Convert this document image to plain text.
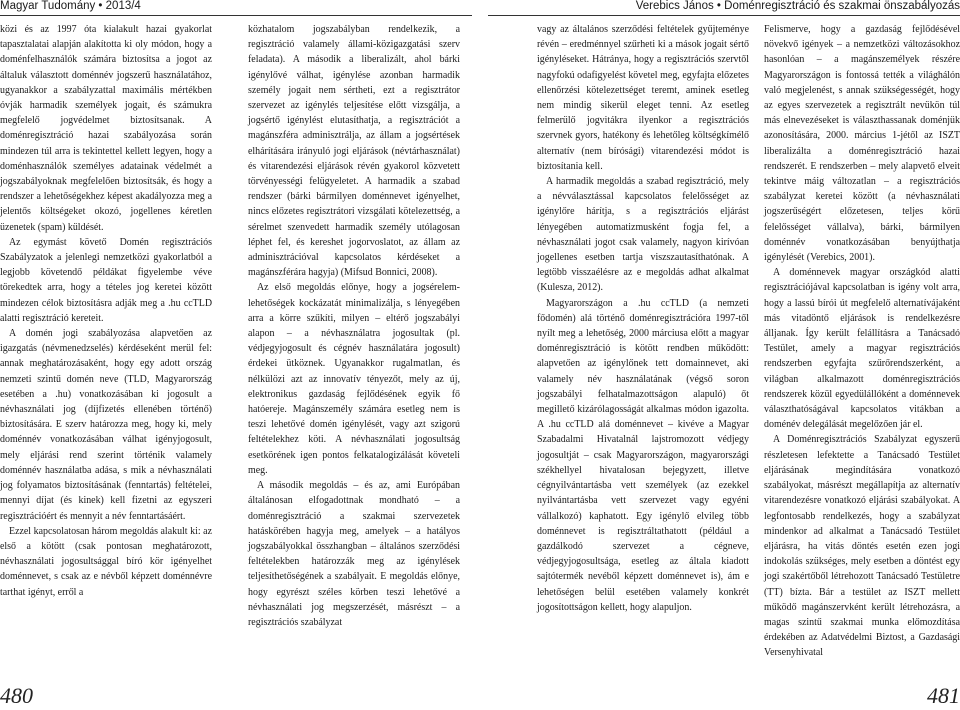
Magyar Tudomány • 2013/4

közi és az 1997 óta kialakult hazai gyakorlat tapasztalatai alapján alakította ki oly módon, hogy a doménfelhasználók számára biztosítsa a jogot az általuk választott doménnév jogszerű használatához, ugyanakkor a szabályzattal maximális mértékben óvják harmadik személyek jogait, és számukra megfelelő jogvédelmet biztosítsanak. A doménregisztráció hazai szabályozása során mindezen túl arra is tekintettel kellett legyen, hogy a doménhasználók személyes adatainak védelmét a jogszabályoknak megfelelően biztosítsák, és hogy a rendszer a lehetőségekhez képest akadályozza meg a jelentős költségeket okozó, jogellenes kéretlen üzenetek (spam) küldését.

Az egymást követő Domén regisztrációs Szabályzatok a jelenlegi nemzetközi gyakorlatból a legjobb követendő példákat figyelembe véve törekedtek arra, hogy a tételes jog keretei között mindezen célok biztosításra adják meg a .hu ccTLD alatti regisztráció kereteit.

A domén jogi szabályozása alapvetően az igazgatás (névmenedzselés) kérdéseként merül fel: annak meghatározásaként, hogy egy adott ország nemzeti szintű domén neve (TLD, Magyarország esetében a .hu) vonatkozásában ki jogosult a névhasználati jog (díjfizetés ellenében történő) biztosítására. E szerv határozza meg, hogy ki, mely doménnév vonatkozásában válhat igényjogosult, mely eljárási rend szerint történik valamely doménnév használatba adása, s mik a névhasználati jog folyamatos biztosításának (fenntartás) feltételei, mennyi díjat (és kinek) kell fizetni az egyszeri regisztrációért és mennyit a név fenntartásáért.

Ezzel kapcsolatosan három megoldás alakult ki: az első a kötött (csak pontosan meghatározott, névhasználati jogosultsággal bíró kör igényelhet doménnevet, s csak az e névből képzett doménnévre tarthat igényt, erről a

közhatalom jogszabályban rendelkezik, a regisztráció valamely állami-közigazgatási szerv feladata). A második a liberalizált, ahol bárki igénylővé válhat, igénylése azonban harmadik személy jogait nem sértheti, ezt a regisztrátor szervezet az igénylés teljesítése előtt vizsgálja, a jogsértő igénylést elutasíthatja, a regisztrációt a magánszféra adminisztrálja, az állam a jogsértések elhárítására irányuló jogi eljárások (névtárhasználat) és vitarendezési eljárások révén gyakorol közvetett törvényességi felügyeletet. A harmadik a szabad rendszer (bárki bármilyen doménnevet igényelhet, nincs előzetes regisztrátori vizsgálati kötelezettség, a sérelmet szenvedett harmadik személy utólagosan léphet fel, és kereshet jogorvoslatot, az állam az adminisztrációval kapcsolatos kérdéseket a magánszférára hagyja) (Mifsud Bonnici, 2008).

Az első megoldás előnye, hogy a jogsérelem-lehetőségek kockázatát minimalizálja, s lényegében arra a körre szűkíti, milyen – eltérő jogszabályi alapon – a névhasználatra jogosultak (pl. védjegyjogosult és cégnév használatára jogosult) érdekei ütköznek. Ugyanakkor rugalmatlan, és nélkülözi azt az innovatív tényezőt, mely az új, elektronikus gazdaság fejlődésének egyik fő hatóereje. Magánszemély számára esetleg nem is teszi lehetővé domén igénylését, vagy azt szigorú feltételekhez köti. A névhasználati jogosultság esetkörének igen pontos felkatalogizálását követeli meg.

A második megoldás – és az, ami Európában általánosan elfogadottnak mondható – a doménregisztráció a szakmai szervezetek hatáskörében hagyja meg, amelyek – a hatályos jogszabályokkal összhangban – általános szerződési feltételekben határozzák meg az igénylések teljesíthetőségének a szabályait. E megoldás előnye, hogy egyrészt széles körben teszi lehetővé a névhasználati jog megszerzését, másrészt – a regisztrációs szabályzat

480
Verebics János • Doménregisztráció és szakmai önszabályozás

vagy az általános szerződési feltételek gyűjteménye révén – eredménnyel szűrheti ki a mások jogait sértő igényléseket. Hátránya, hogy a regisztrációs szervtől nagyfokú odafigyelést követel meg, egyfajta előzetes ellenőrzési kötelezettséget teremt, aminek esetleg nem mindig sikerül eleget tenni. Az esetleg felmerülő jogvitákra ilyenkor a regisztrációs szervnek gyors, hatékony és lehetőleg költségkímélő alternatív (nem bírósági) vitarendezési módot is biztosítania kell.

A harmadik megoldás a szabad regisztráció, mely a névválasztással kapcsolatos felelősséget az igénylőre hárítja, s a regisztrációs eljárást lényegében automatizmusként fogja fel, a névhasználati jogot csak valamely, nagyon kirívóan jogellenes esetben tartja viszszautasíthatónak. A legtöbb visszaélésre az e megoldás adhat alkalmat (Kulesza, 2012).

Magyarországon a .hu ccTLD (a nemzeti fődomén) alá történő doménregisztrációra 1997-től nyílt meg a lehetőség, 2000 márciusa előtt a magyar doménregisztráció is kötött rendben működött: alapvetően az igénylőnek tett domainnevet, aki valamely név használatának (végső soron jogszabályi felhatalmazottságon alapuló) őt megillető kizárólagosságát alkalmas módon igazolta. A .hu ccTLD alá doménnevet – kivéve a Magyar Szabadalmi Hivatalnál lajstromozott védjegy jogosultját – csak Magyarországon, magyarországi székhellyel hivatalosan bejegyzett, illetve cégnyilvántartásba vett személyek (az ezekkel nyilvántartásba vett szervezet vagy egyéni vállalkozó) kaphatott. Egy igénylő elvileg több doménnevet is regisztráltathatott (például a gazdálkodó szervezet a cégneve, védjegyjogosultsága, esetleg az általa kiadott sajtótermék nevéből képzett doménnevet is), ám e lehetőségen belül esetében valamely konkrét jogosítottságon kellett, hogy alapuljon.

Felismerve, hogy a gazdaság fejlődésével növekvő igények – a nemzetközi változásokhoz hasonlóan – a magánszemélyek részére Magyarországon is fontossá tették a világhálón való megjelenést, s annak szükségességét, hogy az egyes szervezetek a regisztrált nevükön túl más elnevezéseket is választhassanak doménjük azonosítására, 2000. március 1-jétől az ISZT liberalizálta a doménregisztráció hazai rendszerét. E rendszerben – mely alapvető elveit tekintve máig változatlan – a regisztrációs szabályzat keretei között (a névhasználati jogszerűségért előzetesen, teljes körű felelősséget vállalva), bárki, bármilyen doménnév vonatkozásában benyújthatja igénylését (Verebics, 2001).

A doménnevek magyar országkód alatti regisztrációjával kapcsolatban is igény volt arra, hogy a lassú bírói út megfelelő alternatívájaként más vitadöntő eljárások is rendelkezésre álljanak. Így került felállításra a Tanácsadó Testület, amely a magyar regisztrációs rendszerben egyfajta szűrőrendszerként, a világban alkalmazott doménregisztrációs rendszerek közül egyedülállóként a doménnevek választhatóságával kapcsolatos vitákban a doménév delegálását megelőzően jár el.

A Doménregisztrációs Szabályzat egyszerű részletesen lefektette a Tanácsadó Testület eljárásának megindítására vonatkozó szabályokat, másrészt megállapítja az alternatív vitarendezésre vonatkozó eljárási szabályokat. A legfontosabb rendelkezés, hogy a szabályzat mindenkor ad alkalmat a Tanácsadó Testület eljárásra, ha vitás döntés esetén ezen jogi indokolás szükséges, mely esetben a döntést egy jogi szakértőből létrehozott Tanácsadó Testületre (TT) bízta. Bár a testület az ISZT mellett működő magánszervként került létrehozásra, a magas szintű szakmai munka előmozdítása érdekében az Adatvédelmi Biztost, a Gazdasági Versenyhivatal

481
